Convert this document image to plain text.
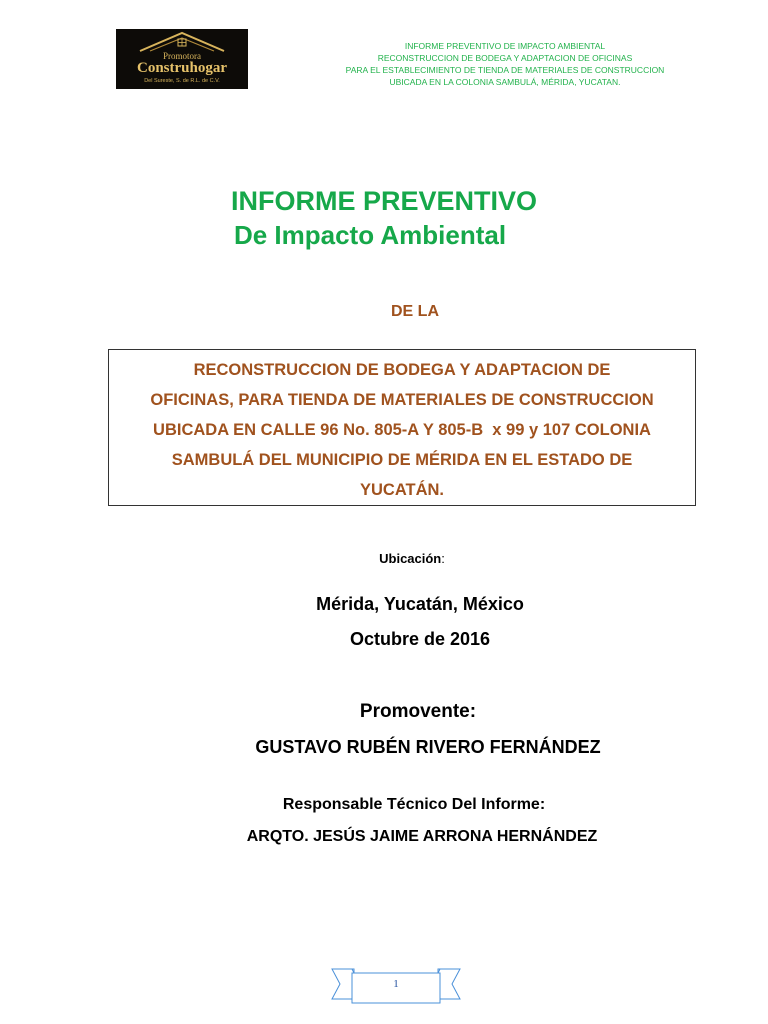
Promotora
Construhogar
Del Sureste, S. de R.L. de C.V.
INFORME PREVENTIVO DE IMPACTO AMBIENTAL
RECONSTRUCCION DE BODEGA Y ADAPTACION DE OFICINAS
PARA EL ESTABLECIMIENTO DE TIENDA DE MATERIALES DE CONSTRUCCION
UBICADA EN LA COLONIA SAMBULÁ, MÉRIDA, YUCATAN.
INFORME PREVENTIVO
De Impacto Ambiental
DE LA
RECONSTRUCCION DE BODEGA Y ADAPTACION DE
OFICINAS, PARA TIENDA DE MATERIALES DE CONSTRUCCION
UBICADA EN CALLE 96 No. 805-A Y 805-B  x 99 y 107 COLONIA
SAMBULÁ DEL MUNICIPIO DE MÉRIDA EN EL ESTADO DE
YUCATÁN.
Ubicación:
Mérida, Yucatán, México
Octubre de 2016
Promovente:
GUSTAVO RUBÉN RIVERO FERNÁNDEZ
Responsable Técnico Del Informe:
ARQTO. JESÚS JAIME ARRONA HERNÁNDEZ
1
